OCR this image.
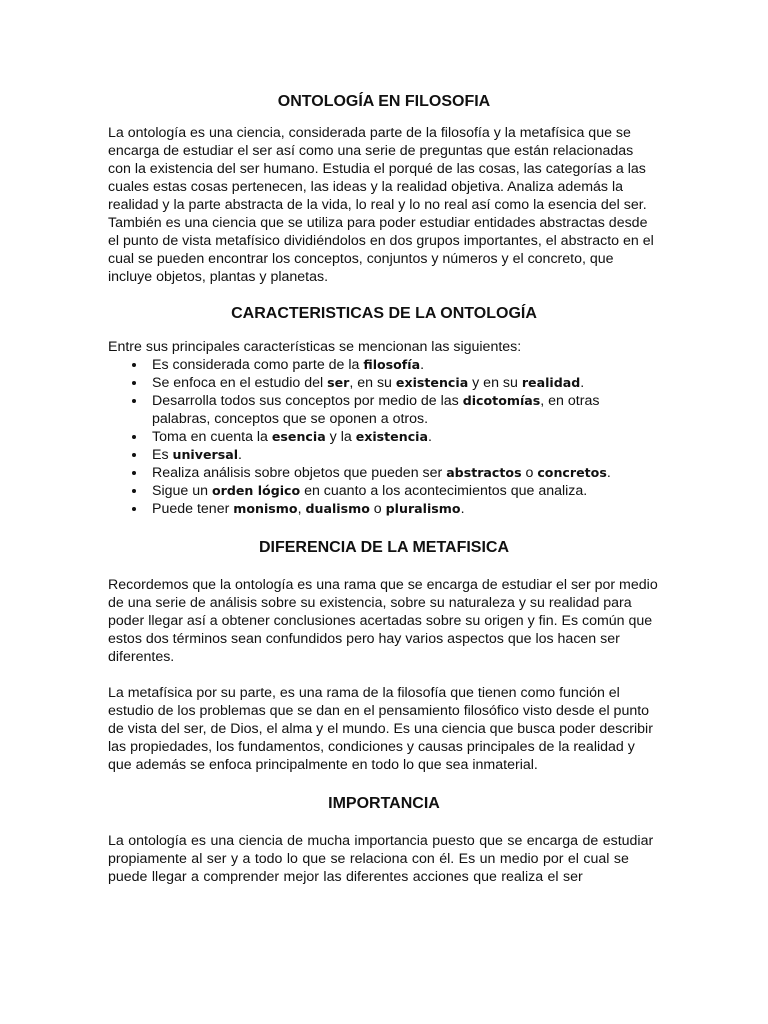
ONTOLOGÍA EN FILOSOFIA

La ontología es una ciencia, considerada parte de la filosofía y la metafísica que se encarga de estudiar el ser así como una serie de preguntas que están relacionadas con la existencia del ser humano. Estudia el porqué de las cosas, las categorías a las cuales estas cosas pertenecen, las ideas y la realidad objetiva. Analiza además la realidad y la parte abstracta de la vida, lo real y lo no real así como la esencia del ser. También es una ciencia que se utiliza para poder estudiar entidades abstractas desde el punto de vista metafísico dividiéndolos en dos grupos importantes, el abstracto en el cual se pueden encontrar los conceptos, conjuntos y números y el concreto, que incluye objetos, plantas y planetas.

CARACTERISTICAS DE LA ONTOLOGÍA

Entre sus principales características se mencionan las siguientes:

Es considerada como parte de la filosofía.
Se enfoca en el estudio del ser, en su existencia y en su realidad.
Desarrolla todos sus conceptos por medio de las dicotomías, en otras palabras, conceptos que se oponen a otros.
Toma en cuenta la esencia y la existencia.
Es universal.
Realiza análisis sobre objetos que pueden ser abstractos o concretos.
Sigue un orden lógico en cuanto a los acontecimientos que analiza.
Puede tener monismo, dualismo o pluralismo.
DIFERENCIA DE LA METAFISICA

Recordemos que la ontología es una rama que se encarga de estudiar el ser por medio de una serie de análisis sobre su existencia, sobre su naturaleza y su realidad para poder llegar así a obtener conclusiones acertadas sobre su origen y fin. Es común que estos dos términos sean confundidos pero hay varios aspectos que los hacen ser diferentes.

La metafísica por su parte, es una rama de la filosofía que tienen como función el estudio de los problemas que se dan en el pensamiento filosófico visto desde el punto de vista del ser, de Dios, el alma y el mundo. Es una ciencia que busca poder describir las propiedades, los fundamentos, condiciones y causas principales de la realidad y que además se enfoca principalmente en todo lo que sea inmaterial.

IMPORTANCIA

La ontología es una ciencia de mucha importancia puesto que se encarga de estudiar propiamente al ser y a todo lo que se relaciona con él. Es un medio por el cual se puede llegar a comprender mejor las diferentes acciones que realiza el ser
